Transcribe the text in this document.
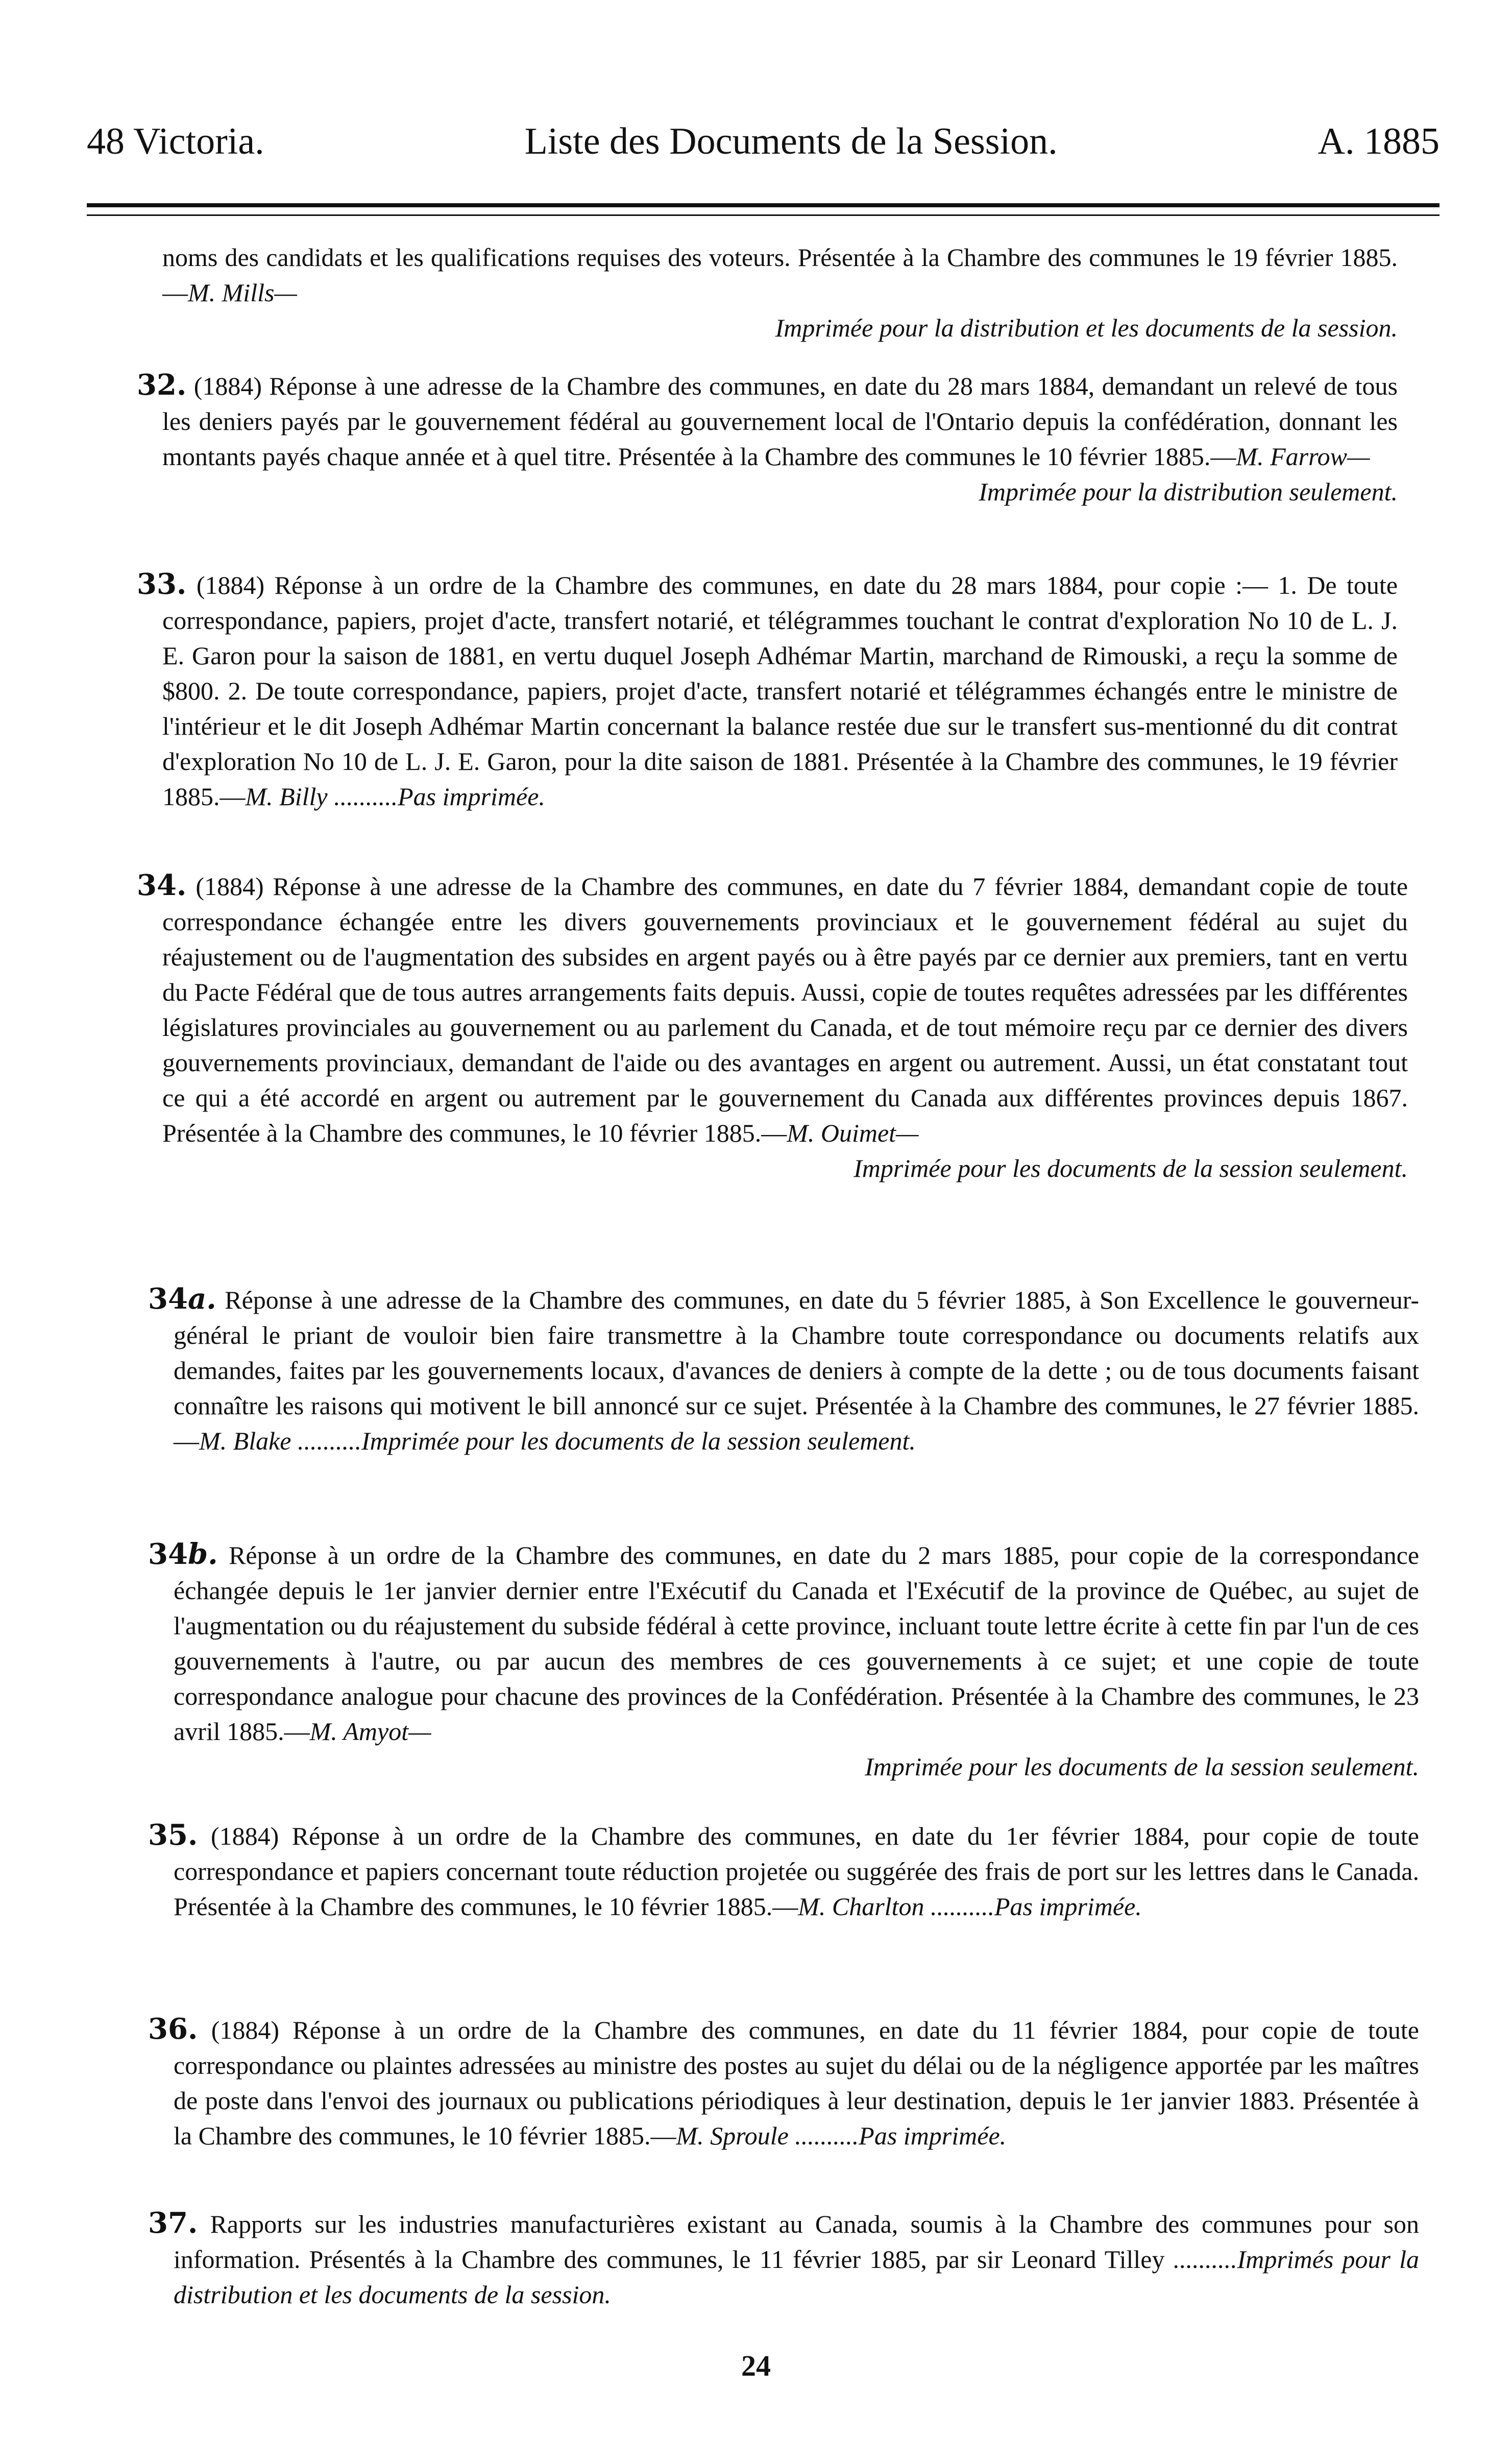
48 Victoria.	Liste des Documents de la Session.	A. 1885
noms des candidats et les qualifications requises des voteurs. Présentée à la Chambre des communes le 19 février 1885.—M. Mills—
Imprimée pour la distribution et les documents de la session.
32. (1884) Réponse à une adresse de la Chambre des communes, en date du 28 mars 1884, demandant un relevé de tous les deniers payés par le gouvernement fédéral au gouvernement local de l'Ontario depuis la confédération, donnant les montants payés chaque année et à quel titre. Présentée à la Chambre des communes le 10 février 1885.—M. Farrow—
Imprimée pour la distribution seulement.
33. (1884) Réponse à un ordre de la Chambre des communes, en date du 28 mars 1884, pour copie :— 1. De toute correspondance, papiers, projet d'acte, transfert notarié, et télégrammes touchant le contrat d'exploration No 10 de L. J. E. Garon pour la saison de 1881, en vertu duquel Joseph Adhémar Martin, marchand de Rimouski, a reçu la somme de $800. 2. De toute correspondance, papiers, projet d'acte, transfert notarié et télégrammes échangés entre le ministre de l'intérieur et le dit Joseph Adhémar Martin concernant la balance restée due sur le transfert sus-mentionné du dit contrat d'exploration No 10 de L. J. E. Garon, pour la dite saison de 1881. Présentée à la Chambre des communes, le 19 février 1885.—M. Billy ..........Pas imprimée.
34. (1884) Réponse à une adresse de la Chambre des communes, en date du 7 février 1884, demandant copie de toute correspondance échangée entre les divers gouvernements provinciaux et le gouvernement fédéral au sujet du réajustement ou de l'augmentation des subsides en argent payés ou à être payés par ce dernier aux premiers, tant en vertu du Pacte Fédéral que de tous autres arrangements faits depuis. Aussi, copie de toutes requêtes adressées par les différentes législatures provinciales au gouvernement ou au parlement du Canada, et de tout mémoire reçu par ce dernier des divers gouvernements provinciaux, demandant de l'aide ou des avantages en argent ou autrement. Aussi, un état constatant tout ce qui a été accordé en argent ou autrement par le gouvernement du Canada aux différentes provinces depuis 1867. Présentée à la Chambre des communes, le 10 février 1885.—M. Ouimet—
Imprimée pour les documents de la session seulement.
34a. Réponse à une adresse de la Chambre des communes, en date du 5 février 1885, à Son Excellence le gouverneur-général le priant de vouloir bien faire transmettre à la Chambre toute correspondance ou documents relatifs aux demandes, faites par les gouvernements locaux, d'avances de deniers à compte de la dette ; ou de tous documents faisant connaître les raisons qui motivent le bill annoncé sur ce sujet. Présentée à la Chambre des communes, le 27 février 1885.—M. Blake ..........Imprimée pour les documents de la session seulement.
34b. Réponse à un ordre de la Chambre des communes, en date du 2 mars 1885, pour copie de la correspondance échangée depuis le 1er janvier dernier entre l'Exécutif du Canada et l'Exécutif de la province de Québec, au sujet de l'augmentation ou du réajustement du subside fédéral à cette province, incluant toute lettre écrite à cette fin par l'un de ces gouvernements à l'autre, ou par aucun des membres de ces gouvernements à ce sujet; et une copie de toute correspondance analogue pour chacune des provinces de la Confédération. Présentée à la Chambre des communes, le 23 avril 1885.—M. Amyot—
Imprimée pour les documents de la session seulement.
35. (1884) Réponse à un ordre de la Chambre des communes, en date du 1er février 1884, pour copie de toute correspondance et papiers concernant toute réduction projetée ou suggérée des frais de port sur les lettres dans le Canada. Présentée à la Chambre des communes, le 10 février 1885.—M. Charlton ..........Pas imprimée.
36. (1884) Réponse à un ordre de la Chambre des communes, en date du 11 février 1884, pour copie de toute correspondance ou plaintes adressées au ministre des postes au sujet du délai ou de la négligence apportée par les maîtres de poste dans l'envoi des journaux ou publications périodiques à leur destination, depuis le 1er janvier 1883. Présentée à la Chambre des communes, le 10 février 1885.—M. Sproule ..........Pas imprimée.
37. Rapports sur les industries manufacturières existant au Canada, soumis à la Chambre des communes pour son information. Présentés à la Chambre des communes, le 11 février 1885, par sir Leonard Tilley ..........Imprimés pour la distribution et les documents de la session.
24
